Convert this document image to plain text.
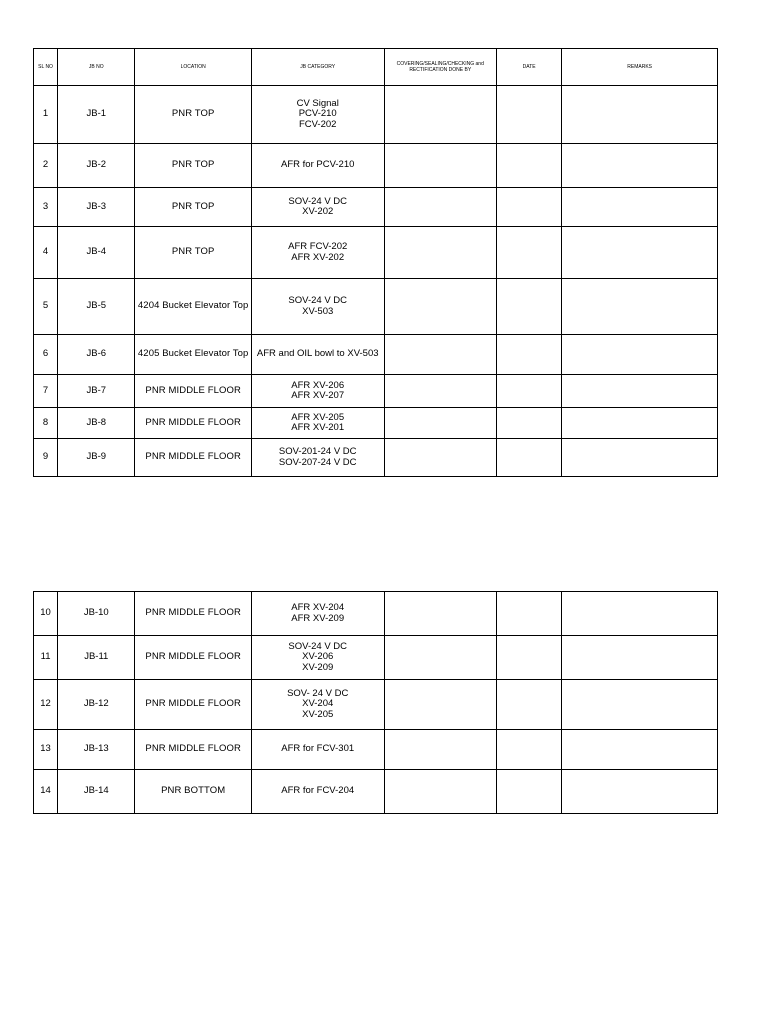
SL NO	JB NO	LOCATION	JB CATEGORY	COVERING/SEALING/CHECKING and
RECTIFICATION DONE BY	DATE	REMARKS
1	JB-1	PNR TOP	CV Signal
PCV-210
FCV-202			

2	JB-2	PNR TOP	AFR for PCV-210			

3	JB-3	PNR TOP	SOV-24 V DC
XV-202			

4	JB-4	PNR TOP	AFR FCV-202
AFR XV-202			

5	JB-5	4204 Bucket Elevator Top	SOV-24 V DC
XV-503			

6	JB-6	4205 Bucket Elevator Top	AFR and OIL bowl to XV-503			

7	JB-7	PNR MIDDLE FLOOR	AFR XV-206
AFR XV-207			

8	JB-8	PNR MIDDLE FLOOR	AFR XV-205
AFR XV-201			

9	JB-9	PNR MIDDLE FLOOR	SOV-201-24 V DC
SOV-207-24 V DC			

10	JB-10	PNR MIDDLE FLOOR	AFR XV-204
AFR XV-209			

11	JB-11	PNR MIDDLE FLOOR	SOV-24 V DC
XV-206
XV-209			

12	JB-12	PNR MIDDLE FLOOR	SOV- 24 V DC
XV-204
XV-205			

13	JB-13	PNR MIDDLE FLOOR	AFR for FCV-301			

14	JB-14	PNR BOTTOM	AFR for FCV-204			
